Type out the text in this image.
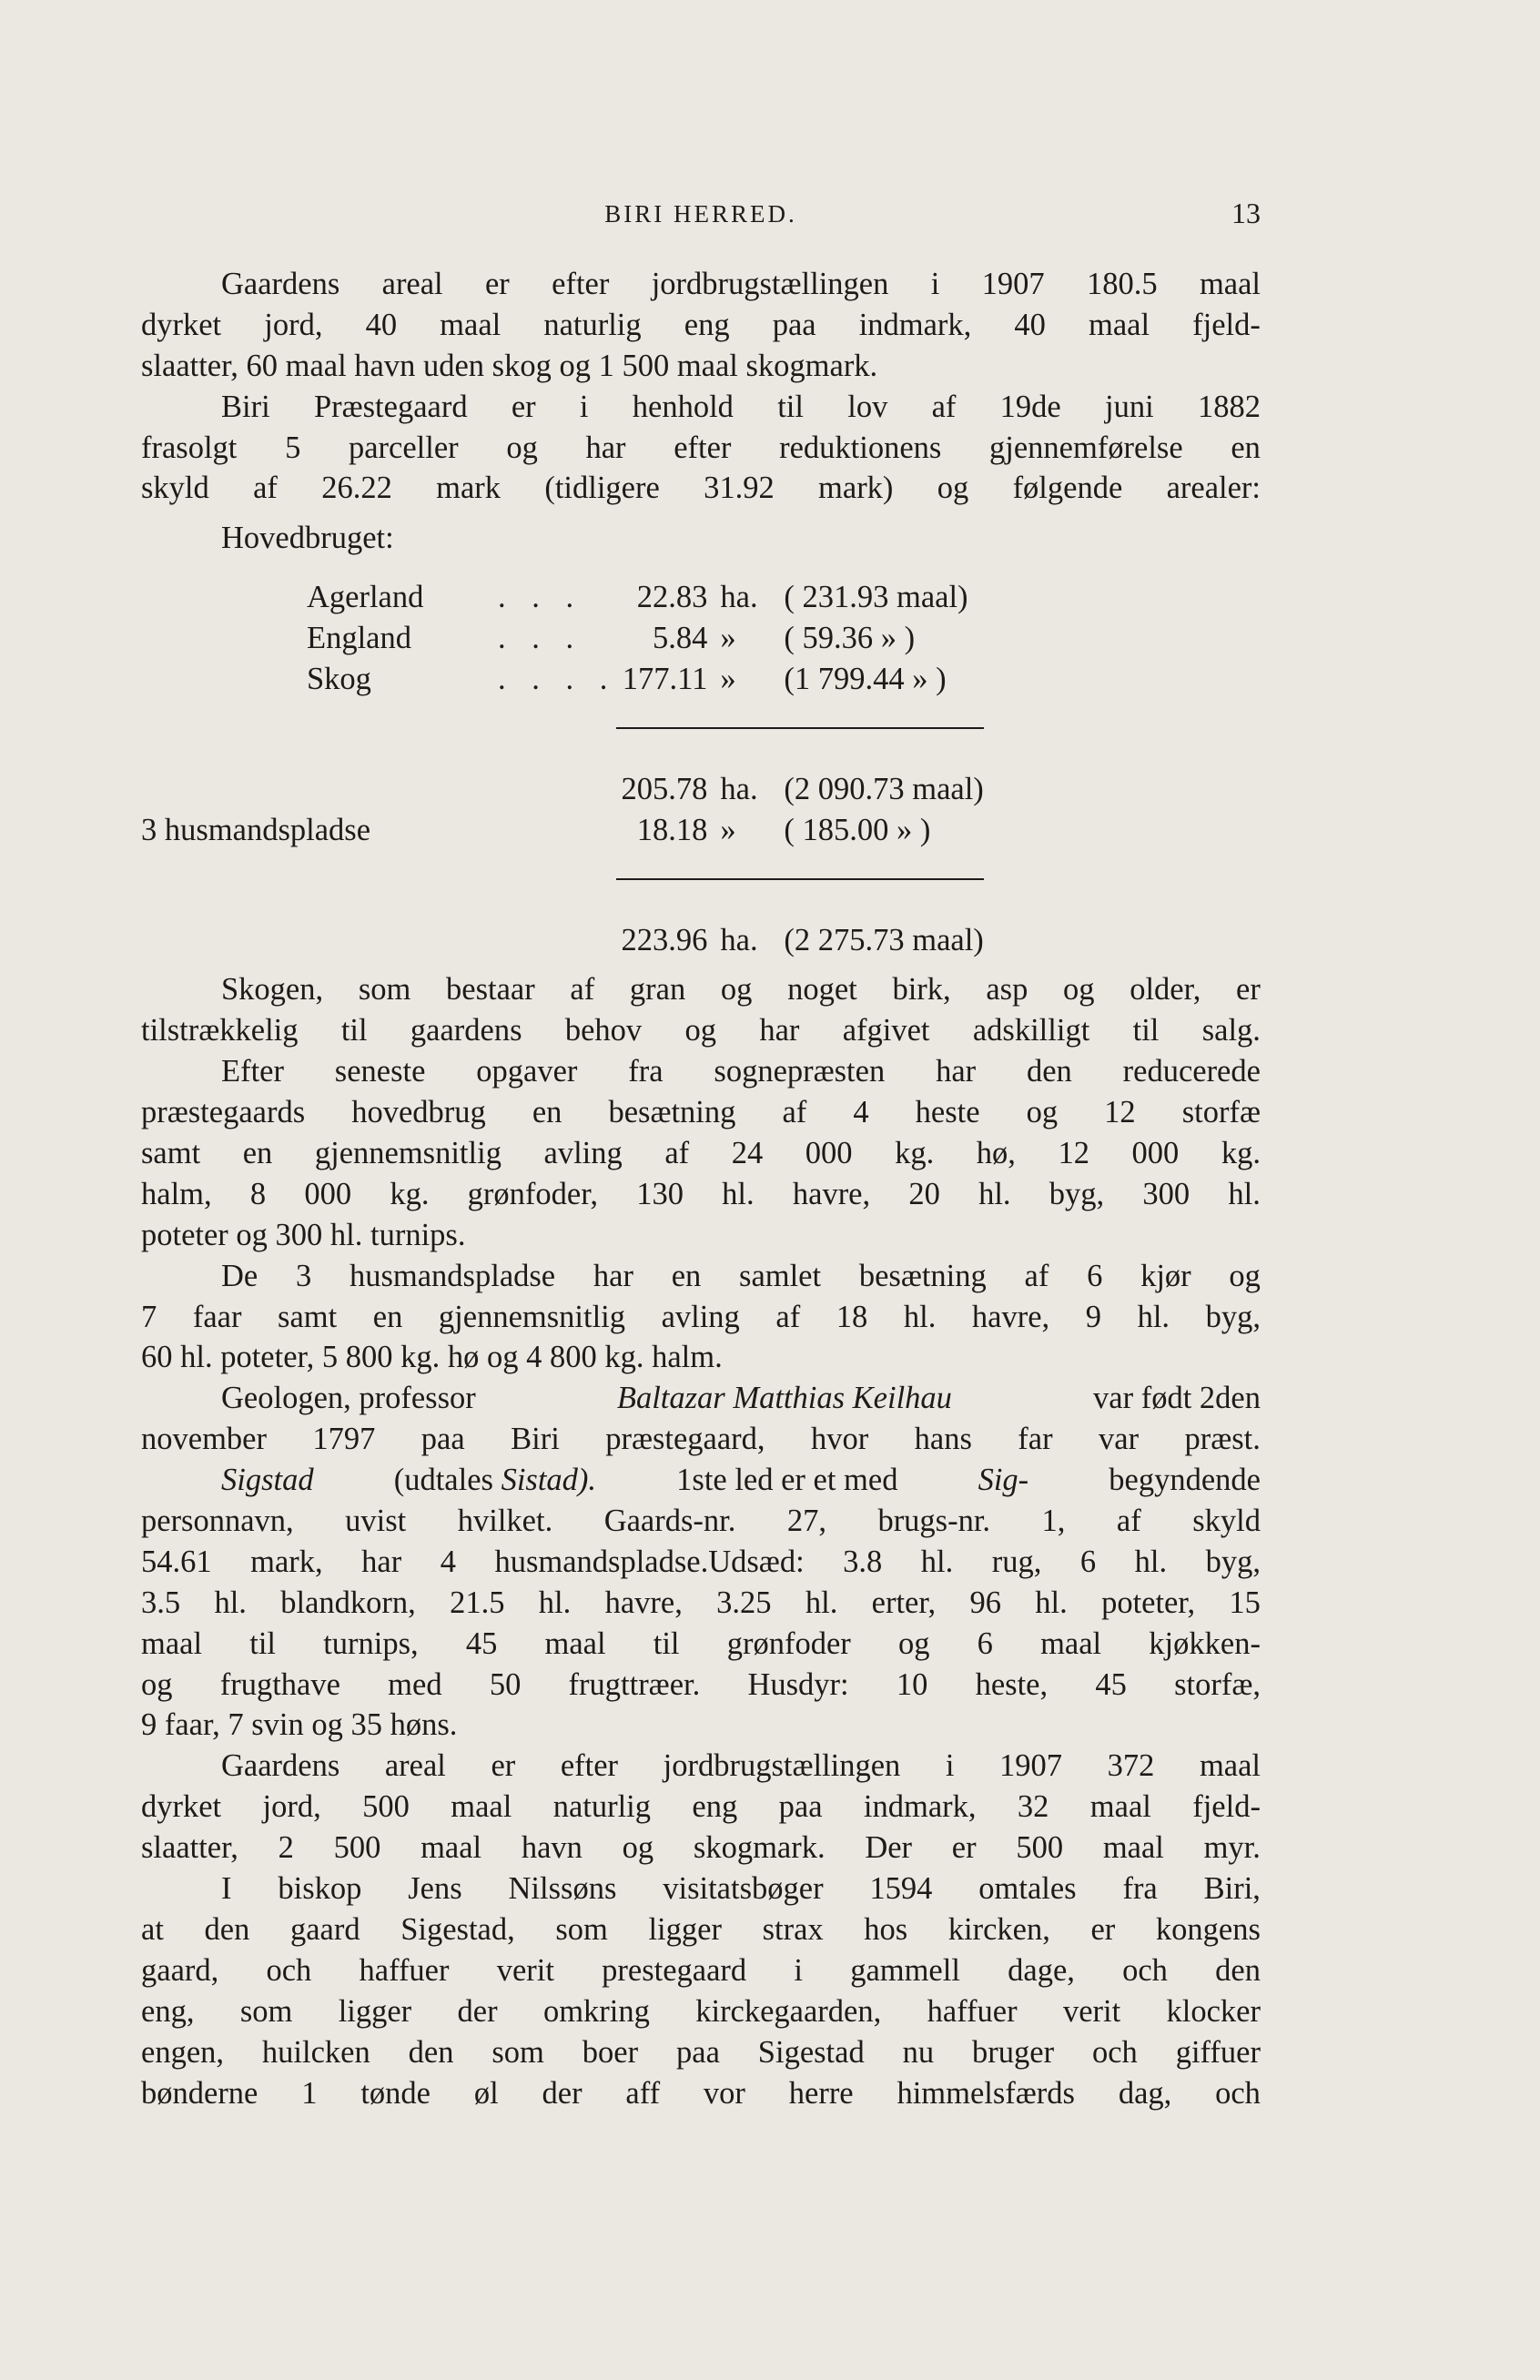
BIRI HERRED.	13
Gaardens areal er efter jordbrugstællingen i 1907 180.5 maal
dyrket jord, 40 maal naturlig eng paa indmark, 40 maal fjeld-
slaatter, 60 maal havn uden skog og 1 500 maal skogmark.
Biri Præstegaard er i henhold til lov af 19de juni 1882
frasolgt 5 parceller og har efter reduktionens gjennemførelse en
skyld af 26.22 mark (tidligere 31.92 mark) og følgende arealer:
Hovedbruget:
Agerland	. . .	22.83	ha.	( 231.93 maal)
England	. . .	5.84	»	( 59.36 » )
Skog	. . . .	177.11	»	(1 799.44 » )

	205.78	ha.	(2 090.73 maal)
3 husmandspladse	18.18	»	( 185.00 » )

	223.96	ha.	(2 275.73 maal)
Skogen, som bestaar af gran og noget birk, asp og older, er
tilstrækkelig til gaardens behov og har afgivet adskilligt til salg.
Efter seneste opgaver fra sognepræsten har den reducerede
præstegaards hovedbrug en besætning af 4 heste og 12 storfæ
samt en gjennemsnitlig avling af 24 000 kg. hø, 12 000 kg.
halm, 8 000 kg. grønfoder, 130 hl. havre, 20 hl. byg, 300 hl.
poteter og 300 hl. turnips.
De 3 husmandspladse har en samlet besætning af 6 kjør og
7 faar samt en gjennemsnitlig avling af 18 hl. havre, 9 hl. byg,
60 hl. poteter, 5 800 kg. hø og 4 800 kg. halm.
Geologen, professor	Baltazar Matthias Keilhau	var født 2den
november 1797 paa Biri præstegaard, hvor hans far var præst.
Sigstad	(udtales Sistad).	1ste led er et med	Sig-	begyndende
personnavn, uvist hvilket. Gaards-nr. 27, brugs-nr. 1, af skyld
54.61 mark, har 4 husmandspladse.Udsæd: 3.8 hl. rug, 6 hl. byg,
3.5 hl. blandkorn, 21.5 hl. havre, 3.25 hl. erter, 96 hl. poteter, 15
maal til turnips, 45 maal til grønfoder og 6 maal kjøkken-
og frugthave med 50 frugttræer. Husdyr: 10 heste, 45 storfæ,
9 faar, 7 svin og 35 høns.
Gaardens areal er efter jordbrugstællingen i 1907 372 maal
dyrket jord, 500 maal naturlig eng paa indmark, 32 maal fjeld-
slaatter, 2 500 maal havn og skogmark. Der er 500 maal myr.
I biskop Jens Nilssøns visitatsbøger 1594 omtales fra Biri,
at den gaard Sigestad, som ligger strax hos kircken, er kongens
gaard, och haffuer verit prestegaard i gammell dage, och den
eng, som ligger der omkring kirckegaarden, haffuer verit klocker
engen, huilcken den som boer paa Sigestad nu bruger och giffuer
bønderne 1 tønde øl der aff vor herre himmelsfærds dag, och
